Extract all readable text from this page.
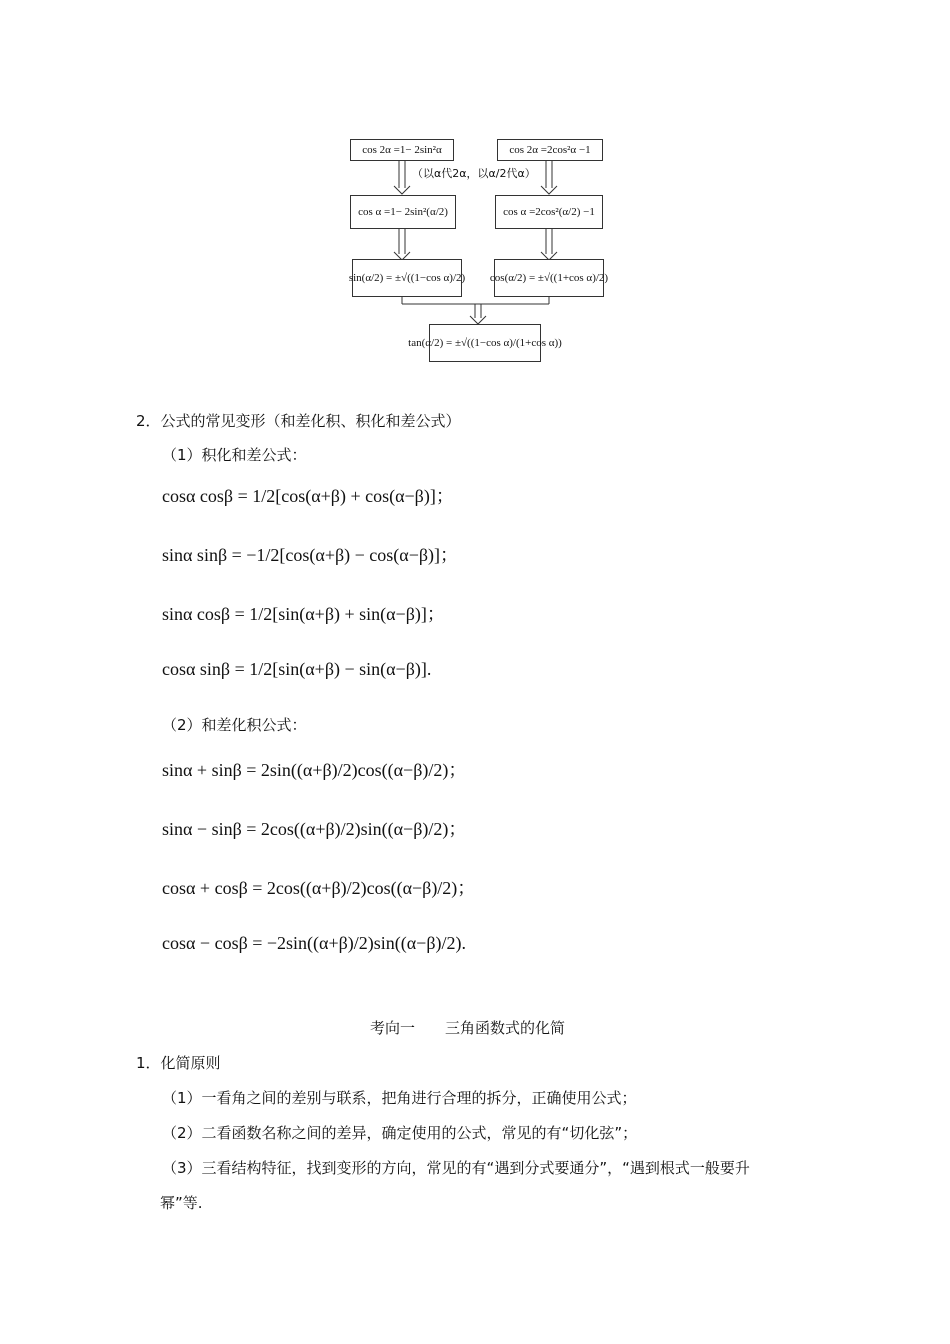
cos 2α =1− 2sin²α	cos 2α =2cos²α −1
（以α代2α，以α/2代α）
cos α =1− 2sin²(α/2)	cos α =2cos²(α/2) −1
sin(α/2) = ±√((1−cos α)/2) cos(α/2) = ±√((1+cos α)/2)
tan(α/2) = ±√((1−cos α)/(1+cos α))
2．公式的常见变形（和差化积、积化和差公式）
（1）积化和差公式：
cosα cosβ = 1/2[cos(α+β) + cos(α−β)]；
sinα sinβ = −1/2[cos(α+β) − cos(α−β)]；
sinα cosβ = 1/2[sin(α+β) + sin(α−β)]；
cosα sinβ = 1/2[sin(α+β) − sin(α−β)].
（2）和差化积公式：
sinα + sinβ = 2sin((α+β)/2)cos((α−β)/2)；
sinα − sinβ = 2cos((α+β)/2)sin((α−β)/2)；
cosα + cosβ = 2cos((α+β)/2)cos((α−β)/2)；
cosα − cosβ = −2sin((α+β)/2)sin((α−β)/2).
考向一　　三角函数式的化简
1．化简原则
（1）一看角之间的差别与联系，把角进行合理的拆分，正确使用公式；
（2）二看函数名称之间的差异，确定使用的公式，常见的有“切化弦”；
（3）三看结构特征，找到变形的方向，常见的有“遇到分式要通分”，“遇到根式一般要升
幂”等.
